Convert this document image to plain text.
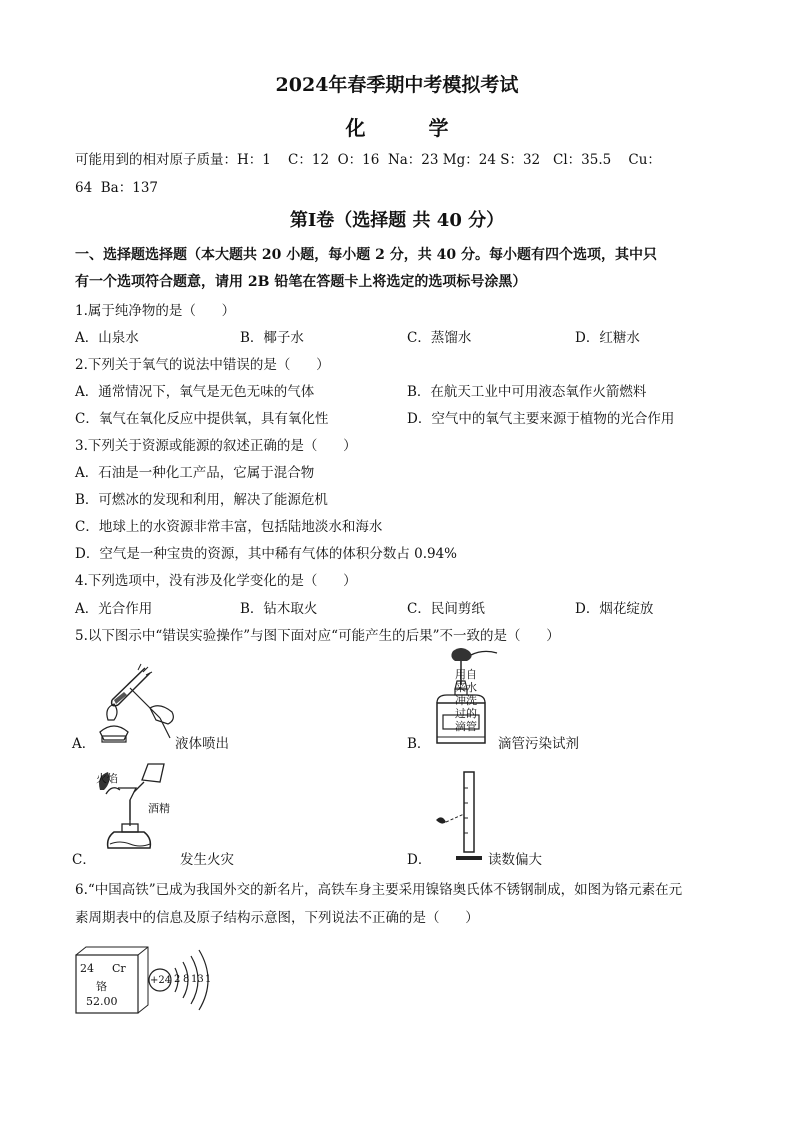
2024年春季期中考模拟考试
化 学
可能用到的相对原子质量：H：1    C：12  O：16  Na：23 Mg：24 S：32   Cl：35.5    Cu：
64  Ba：137
第Ⅰ卷（选择题 共 40 分）
一、选择题选择题（本大题共 20 小题，每小题 2 分，共 40 分。每小题有四个选项，其中只
有一个选项符合题意，请用 2B 铅笔在答题卡上将选定的选项标号涂黑）
1.属于纯净物的是（      ）
A．山泉水	B．椰子水	C．蒸馏水	D．红糖水
2.下列关于氧气的说法中错误的是（      ）
A．通常情况下，氧气是无色无味的气体	B．在航天工业中可用液态氧作火箭燃料
C．氧气在氧化反应中提供氧，具有氧化性	D．空气中的氧气主要来源于植物的光合作用
3.下列关于资源或能源的叙述正确的是（      ）
A．石油是一种化工产品，它属于混合物
B．可燃冰的发现和利用，解决了能源危机
C．地球上的水资源非常丰富，包括陆地淡水和海水
D．空气是一种宝贵的资源，其中稀有气体的体积分数占 0.94%
4.下列选项中，没有涉及化学变化的是（      ）
A．光合作用	B．钻木取火	C．民间剪纸	D．烟花绽放
5.以下图示中“错误实验操作”与图下面对应“可能产生的后果”不一致的是（      ）
A．	液体喷出
用自
来水
冲洗
过的
滴管
B．	滴管污染试剂
火焰
酒精
C．	发生火灾	D．	读数偏大
6.“中国高铁”已成为我国外交的新名片，高铁车身主要采用镍铬奥氏体不锈钢制成，如图为铬元素在元
素周期表中的信息及原子结构示意图，下列说法不正确的是（      ）
24 Cr
铬
52.00
+24 2 8 13 1
